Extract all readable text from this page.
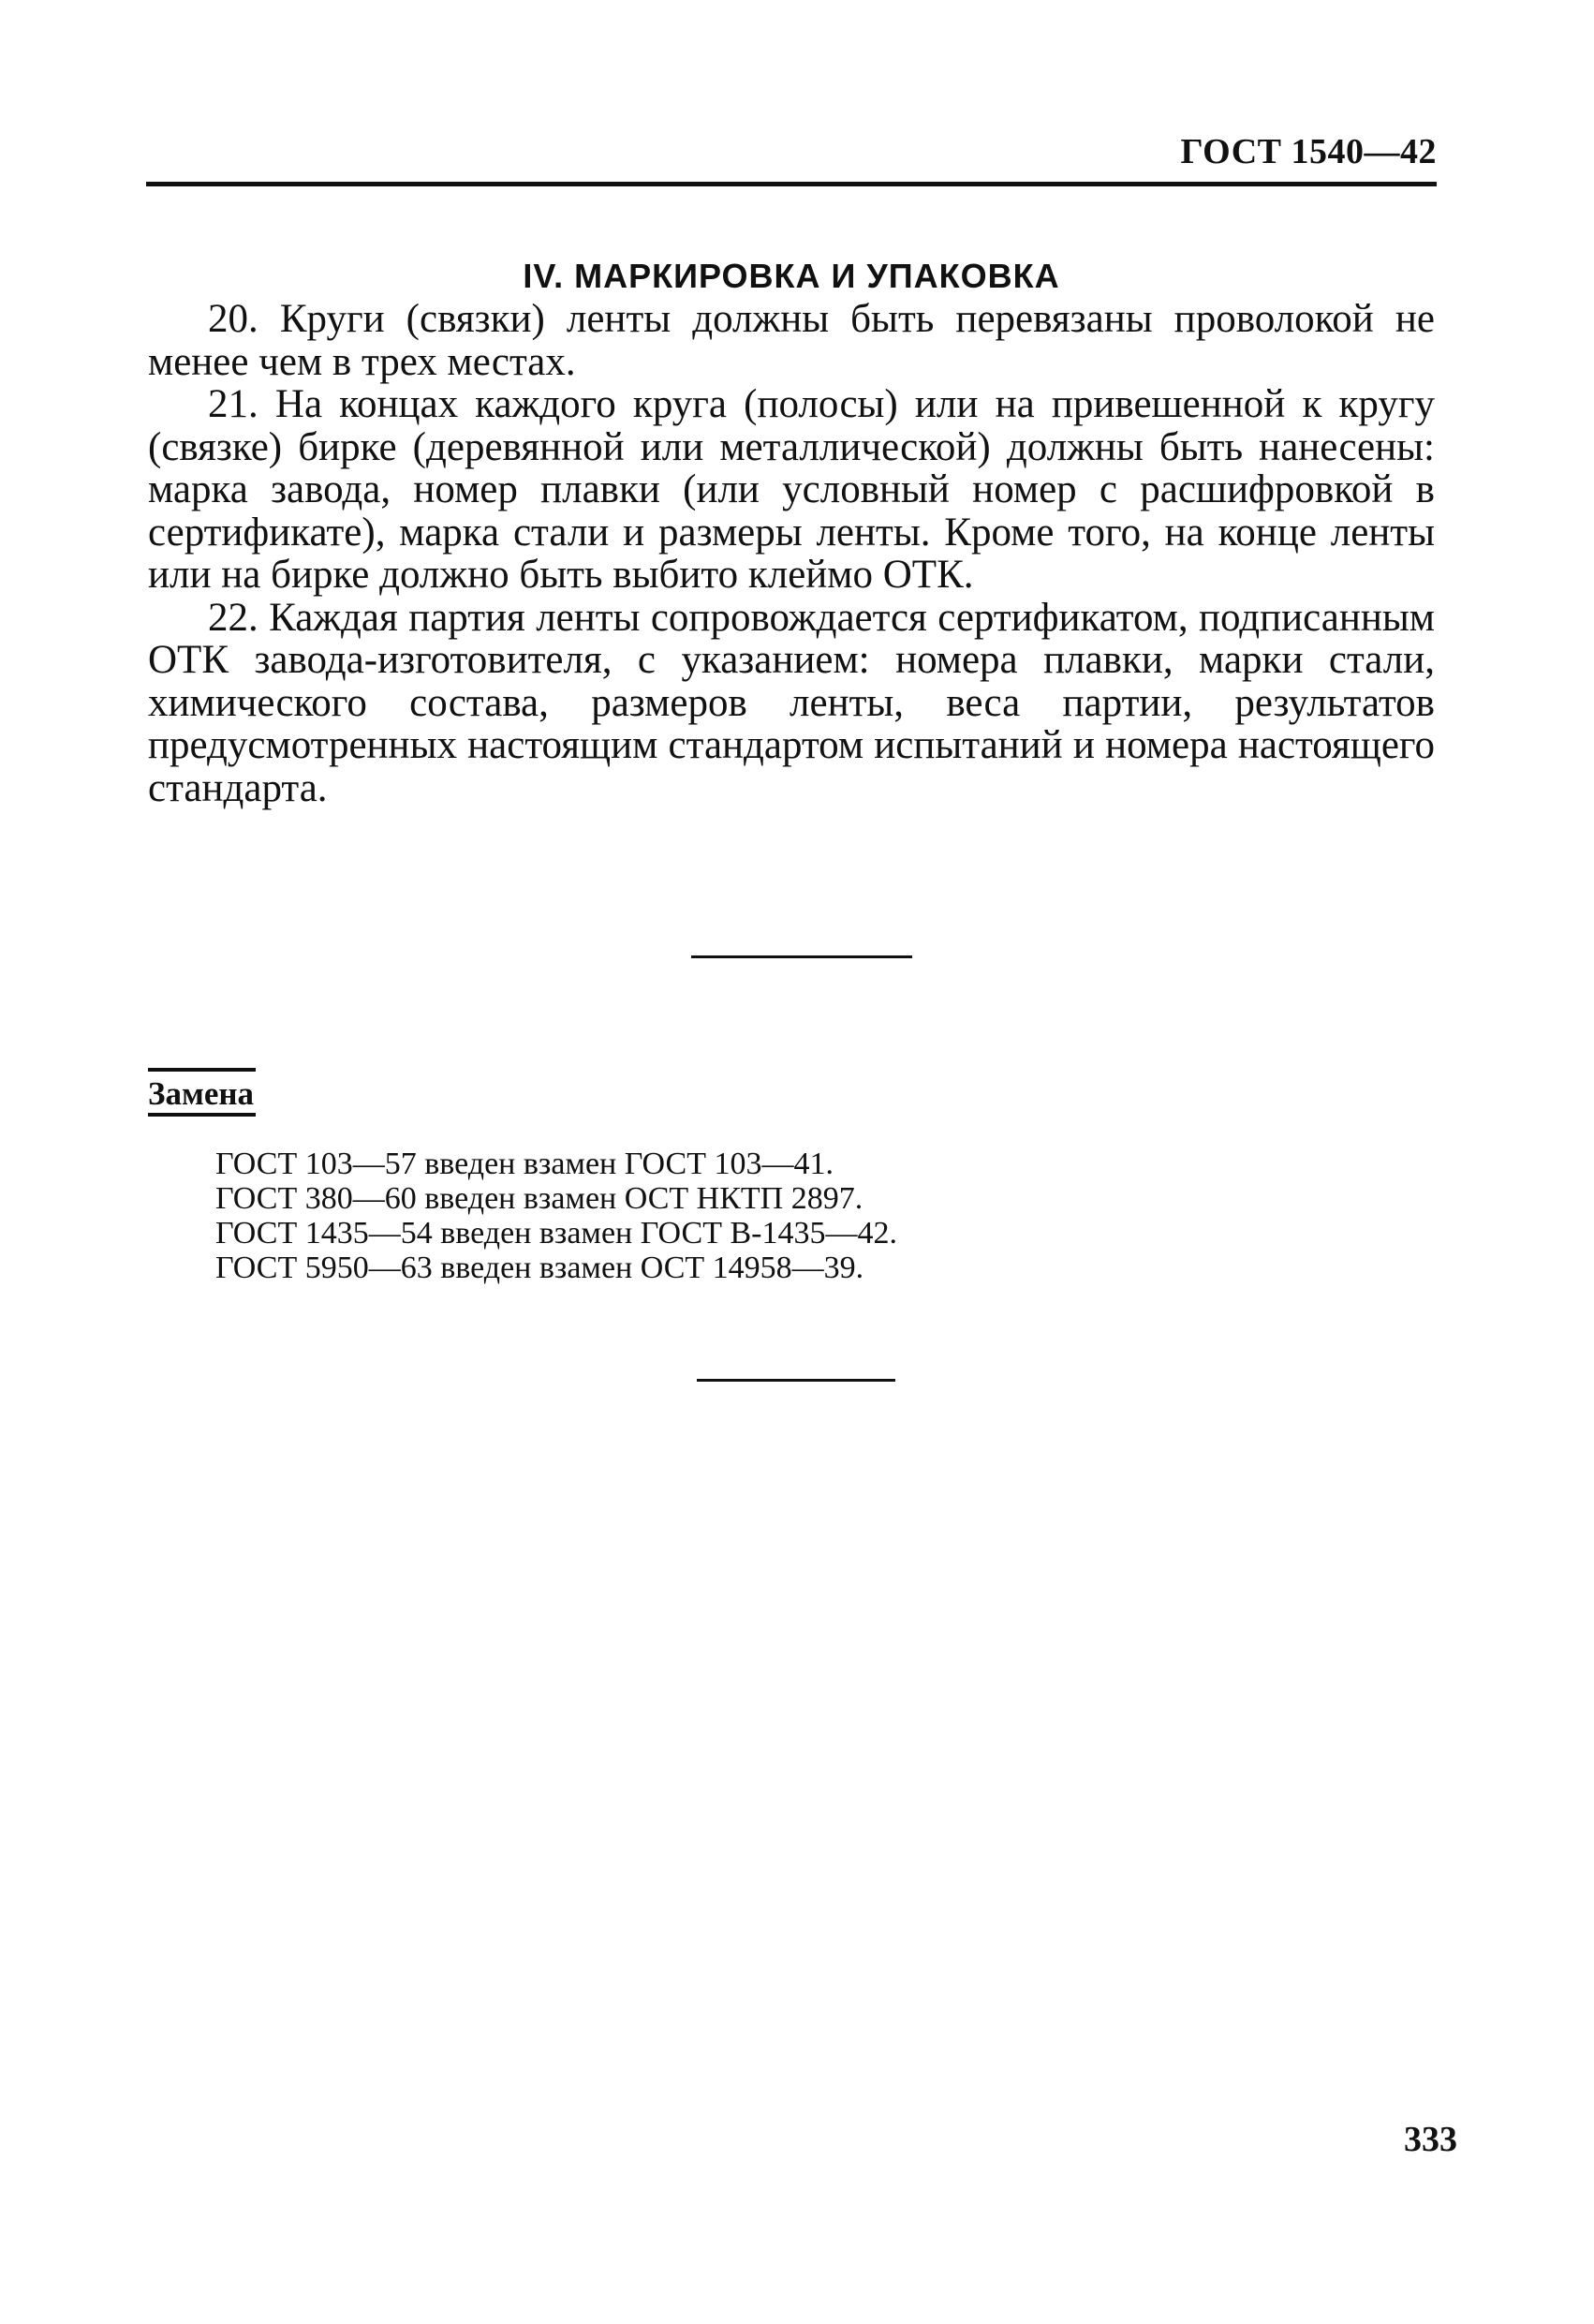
ГОСТ 1540—42
IV. МАРКИРОВКА И УПАКОВКА

20. Круги (связки) ленты должны быть перевязаны проволокой не менее чем в трех местах.

21. На концах каждого круга (полосы) или на привешенной к кругу (связке) бирке (деревянной или металлической) должны быть нанесены: марка завода, номер плавки (или условный номер с расшифровкой в сертификате), марка стали и размеры ленты. Кроме того, на конце ленты или на бирке должно быть выбито клеймо ОТК.

22. Каждая партия ленты сопровождается сертификатом, подписанным ОТК завода-изготовителя, с указанием: номера плавки, марки стали, химического состава, размеров ленты, веса партии, результатов предусмотренных настоящим стандартом испытаний и номера настоящего стандарта.

Замена
ГОСТ 103—57 введен взамен ГОСТ 103—41.
ГОСТ 380—60 введен взамен ОСТ НКТП 2897.
ГОСТ 1435—54 введен взамен ГОСТ В-1435—42.
ГОСТ 5950—63 введен взамен ОСТ 14958—39.
333
